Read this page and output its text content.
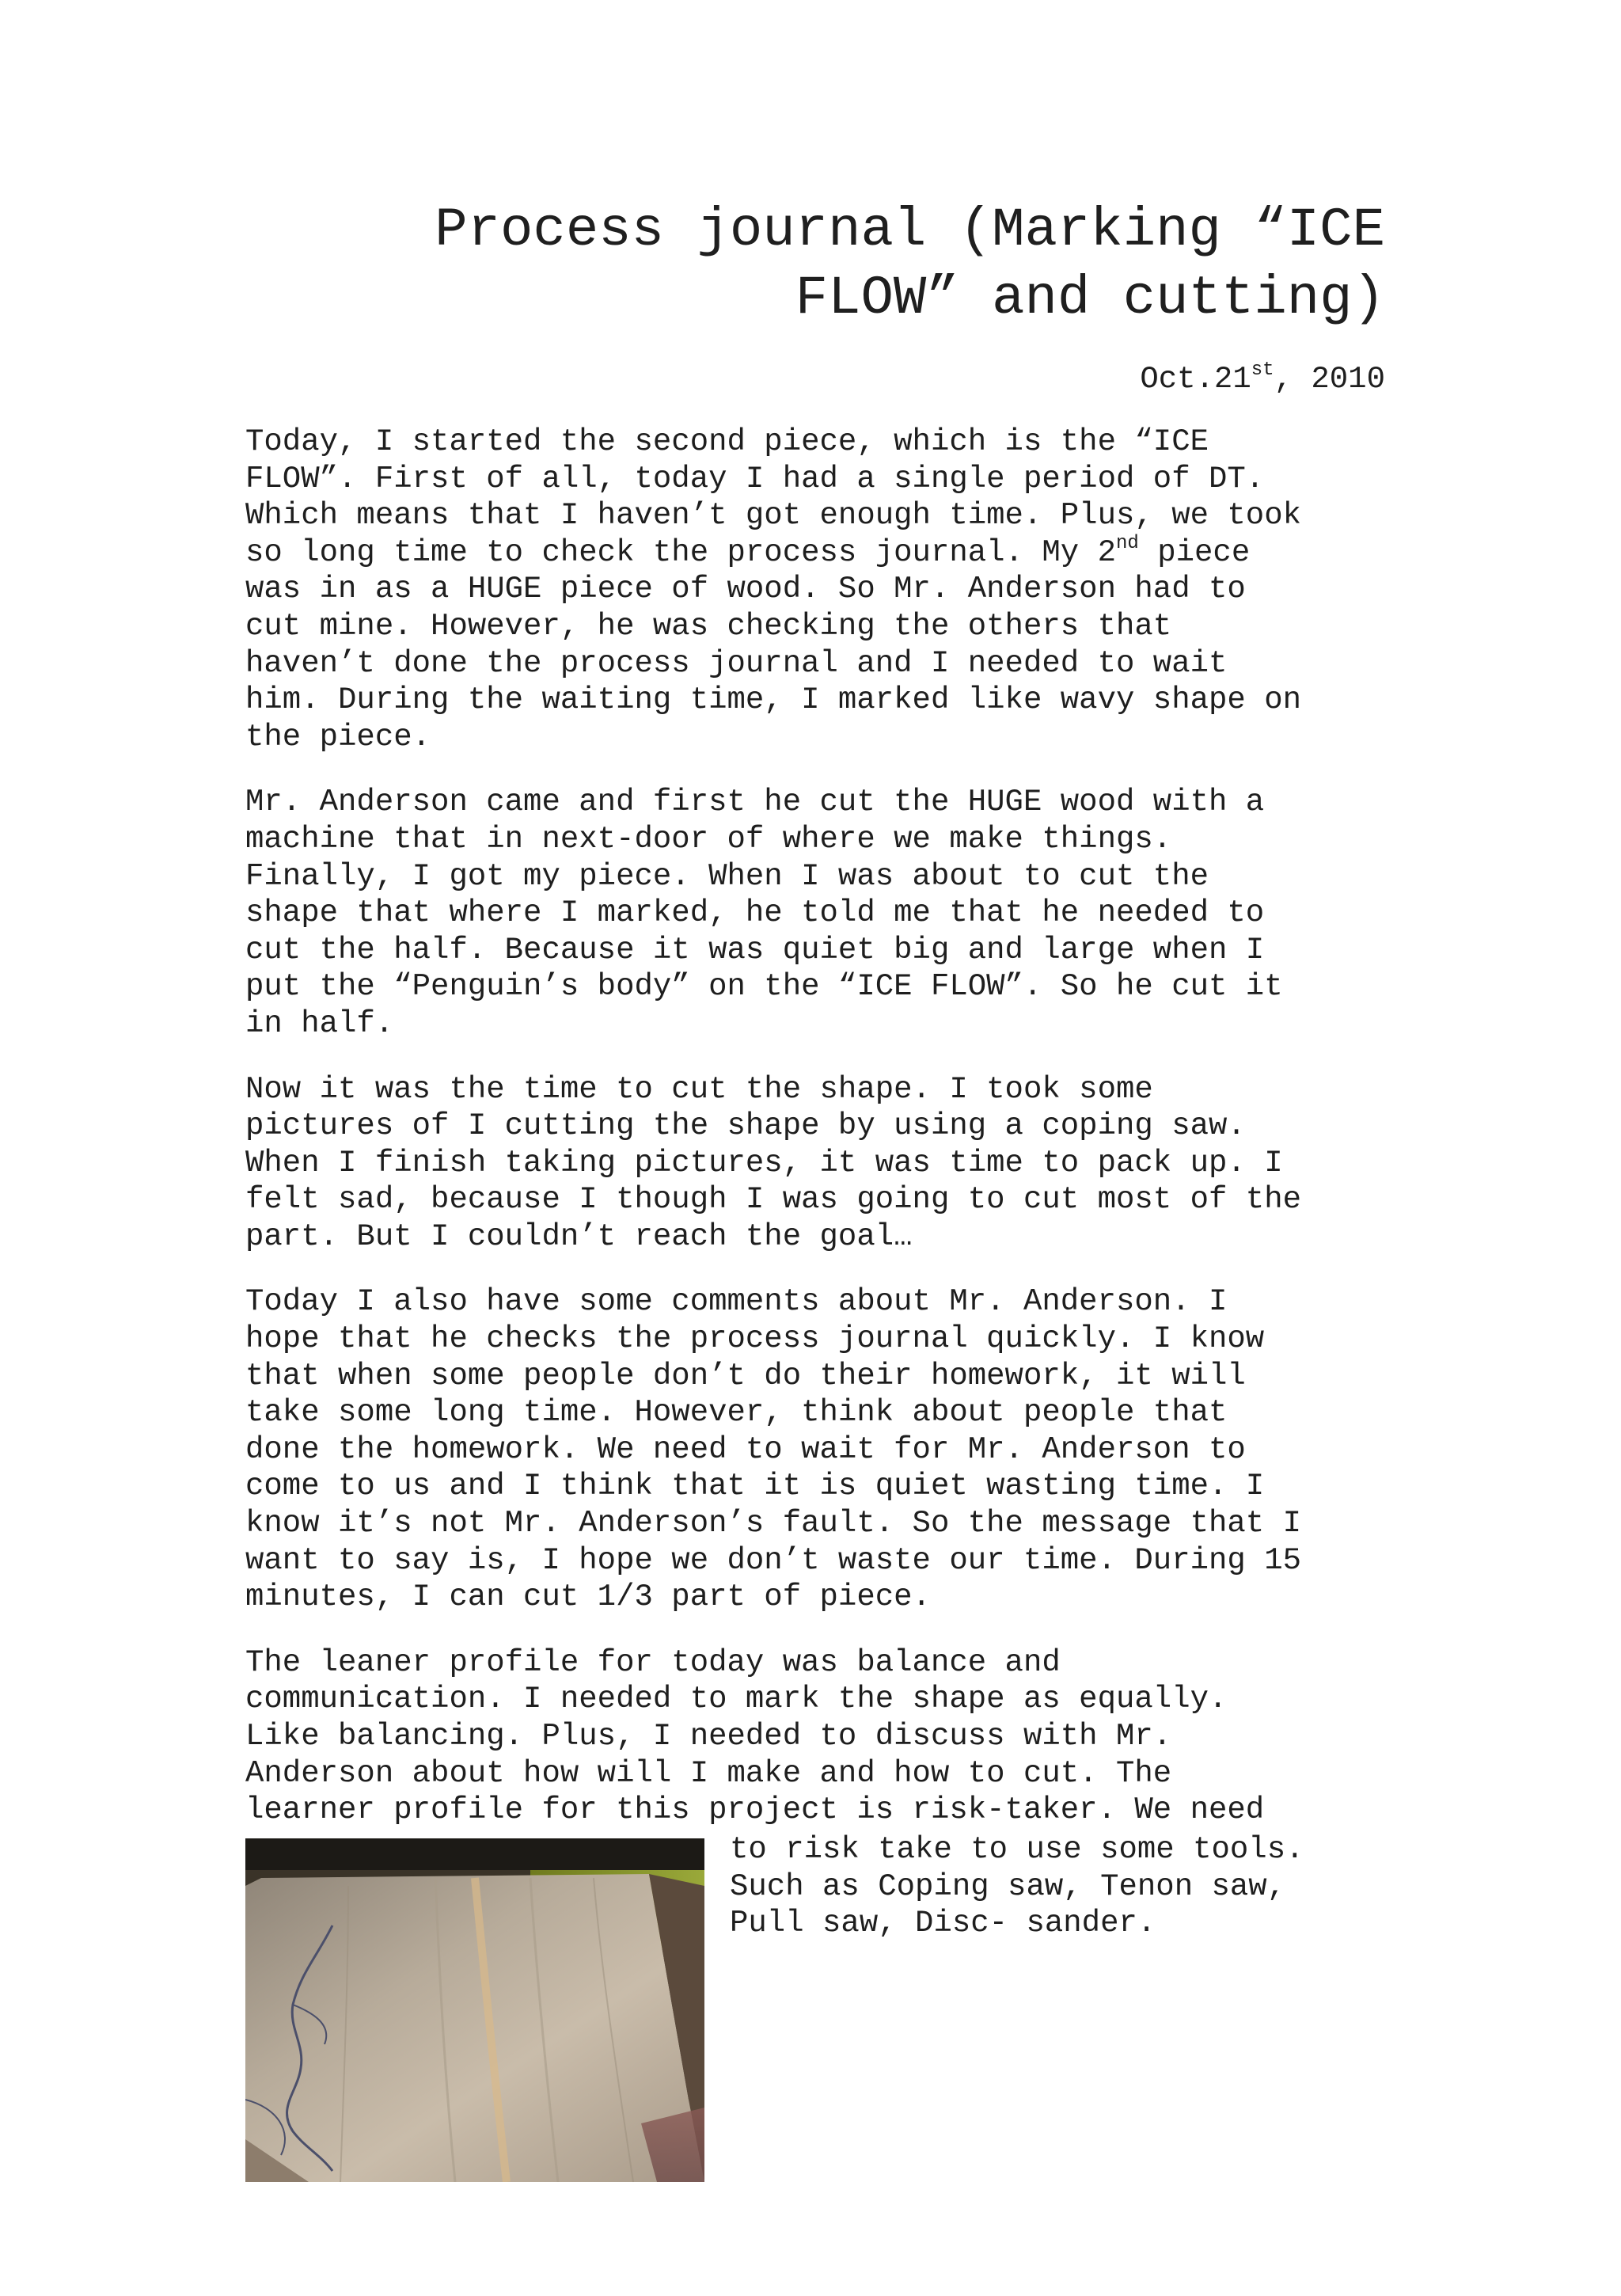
Process journal (Marking “ICE
FLOW” and cutting)
Oct.21st, 2010

Today, I started the second piece, which is the “ICE
FLOW”. First of all, today I had a single period of DT.
Which means that I haven’t got enough time. Plus, we took
so long time to check the process journal. My 2nd piece
was in as a HUGE piece of wood. So Mr. Anderson had to
cut mine. However, he was checking the others that
haven’t done the process journal and I needed to wait
him. During the waiting time, I marked like wavy shape on
the piece.

Mr. Anderson came and first he cut the HUGE wood with a
machine that in next-door of where we make things.
Finally, I got my piece. When I was about to cut the
shape that where I marked, he told me that he needed to
cut the half. Because it was quiet big and large when I
put the “Penguin’s body” on the “ICE FLOW”. So he cut it
in half.

Now it was the time to cut the shape. I took some
pictures of I cutting the shape by using a coping saw.
When I finish taking pictures, it was time to pack up. I
felt sad, because I though I was going to cut most of the
part. But I couldn’t reach the goal…

Today I also have some comments about Mr. Anderson. I
hope that he checks the process journal quickly. I know
that when some people don’t do their homework, it will
take some long time. However, think about people that
done the homework. We need to wait for Mr. Anderson to
come to us and I think that it is quiet wasting time. I
know it’s not Mr. Anderson’s fault. So the message that I
want to say is, I hope we don’t waste our time. During 15
minutes, I can cut 1/3 part of piece.

The leaner profile for today was balance and
communication. I needed to mark the shape as equally.
Like balancing. Plus, I needed to discuss with Mr.
Anderson about how will I make and how to cut. The
learner profile for this project is risk-taker. We need

to risk take to use some tools.
Such as Coping saw, Tenon saw,
Pull saw, Disc- sander.
